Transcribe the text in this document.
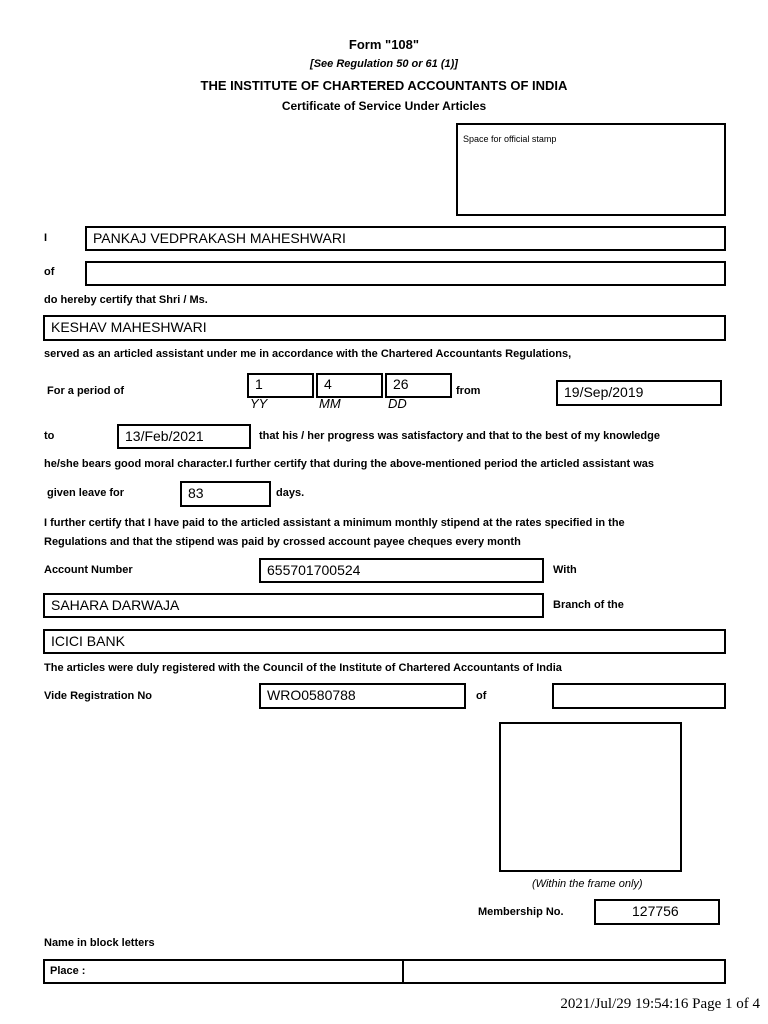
Form "108"
[See Regulation 50 or 61 (1)]
THE INSTITUTE OF CHARTERED ACCOUNTANTS OF INDIA
Certificate of Service Under Articles
Space for official stamp
I	PANKAJ VEDPRAKASH MAHESHWARI
of
do hereby certify that Shri / Ms.
KESHAV MAHESHWARI
served as an articled assistant under me in accordance with the Chartered Accountants Regulations,
For a period of	1	4	26
YY	MM	DD
from	19/Sep/2019
to	13/Feb/2021	that his / her progress was satisfactory and that to the best of my knowledge
he/she bears good moral character.I further certify that during the above-mentioned period the articled assistant was
given leave for	83	days.
I further certify that I have paid to the articled assistant a minimum monthly stipend at the rates specified in the
Regulations and that the stipend was paid by crossed account payee cheques every month
Account Number	655701700524	With
SAHARA DARWAJA	Branch of the
ICICI BANK
The articles were duly registered with the Council of the Institute of Chartered Accountants of India
Vide Registration No	WRO0580788	of
(Within the frame only)
Membership No.	127756
Name in block letters
Place :
2021/Jul/29 19:54:16 Page 1 of 4
